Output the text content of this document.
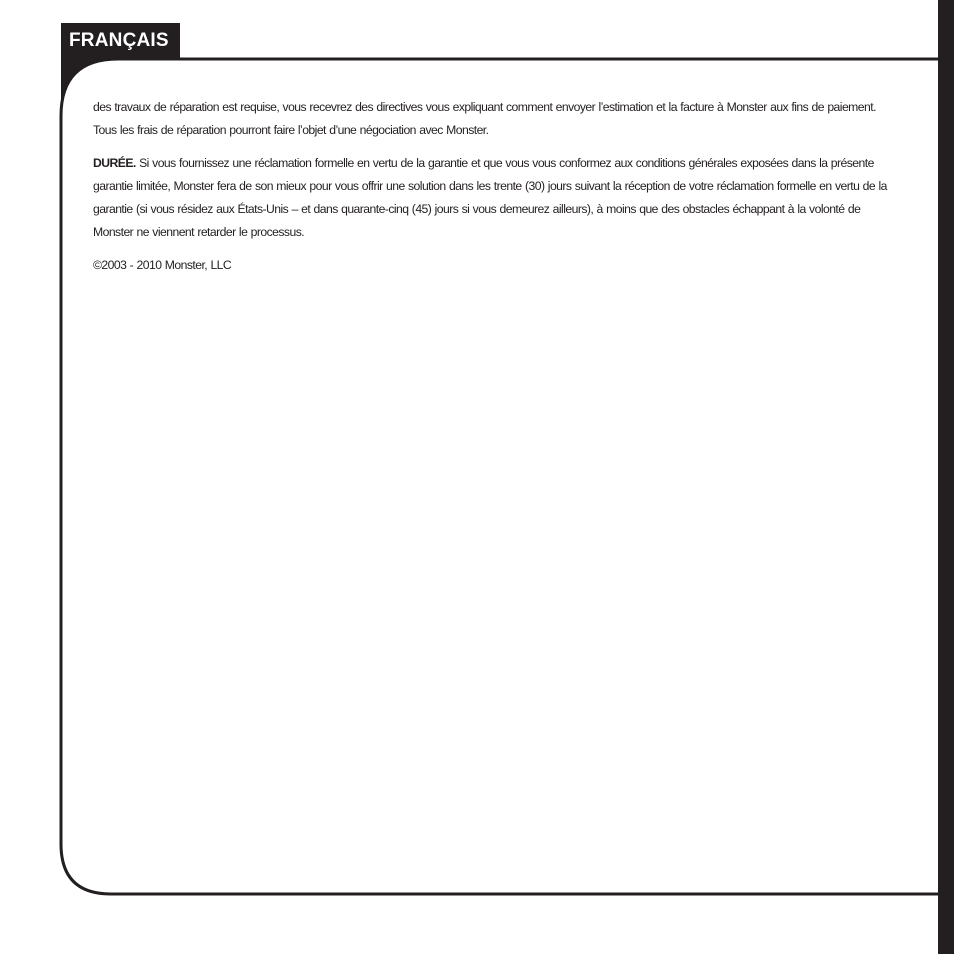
FRANÇAIS

des travaux de réparation est requise, vous recevrez des directives vous expliquant comment envoyer l’estimation et la facture à Monster aux fins de paiement. Tous les frais de réparation pourront faire l’objet d’une négociation avec Monster.

DURÉE. Si vous fournissez une réclamation formelle en vertu de la garantie et que vous vous conformez aux conditions générales exposées dans la présente garantie limitée, Monster fera de son mieux pour vous offrir une solution dans les trente (30) jours suivant la réception de votre réclamation formelle en vertu de la garantie (si vous résidez aux États-Unis – et dans quarante-cinq (45) jours si vous demeurez ailleurs), à moins que des obstacles échappant à la volonté de Monster ne viennent retarder le processus.

©2003 - 2010 Monster, LLC
